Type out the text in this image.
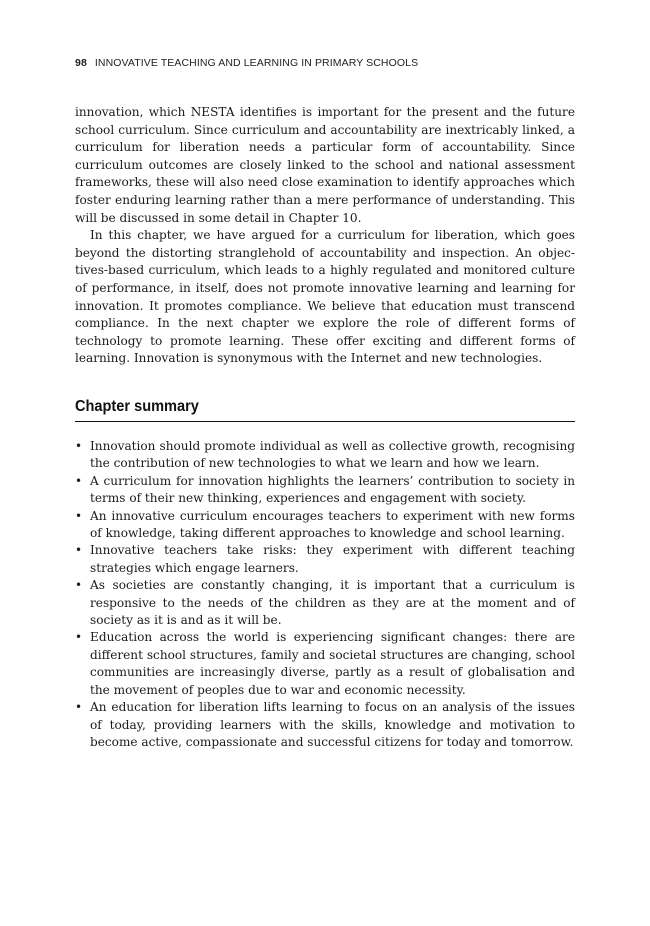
98 INNOVATIVE TEACHING AND LEARNING IN PRIMARY SCHOOLS

innovation, which NESTA identifies is important for the present and the future school curriculum. Since curriculum and accountability are inextricably linked, a curriculum for liberation needs a particular form of accountability. Since curriculum outcomes are closely linked to the school and national assessment frameworks, these will also need close examination to identify approaches which foster enduring learning rather than a mere performance of understanding. This will be discussed in some detail in Chapter 10.

In this chapter, we have argued for a curriculum for liberation, which goes beyond the distorting stranglehold of accountability and inspection. An objectives-based curriculum, which leads to a highly regulated and monitored culture of performance, in itself, does not promote innovative learning and learning for innovation. It promotes compliance. We believe that education must transcend compliance. In the next chapter we explore the role of different forms of technology to promote learning. These offer exciting and different forms of learning. Innovation is synonymous with the Internet and new technologies.

Chapter summary
• Innovation should promote individual as well as collective growth, recognising the contribution of new technologies to what we learn and how we learn.
• A curriculum for innovation highlights the learners’ contribution to society in terms of their new thinking, experiences and engagement with society.
• An innovative curriculum encourages teachers to experiment with new forms of knowledge, taking different approaches to knowledge and school learning.
• Innovative teachers take risks: they experiment with different teaching strategies which engage learners.
• As societies are constantly changing, it is important that a curriculum is responsive to the needs of the children as they are at the moment and of society as it is and as it will be.
• Education across the world is experiencing significant changes: there are different school structures, family and societal structures are changing, school communities are increasingly diverse, partly as a result of globalisation and the movement of peoples due to war and economic necessity.
• An education for liberation lifts learning to focus on an analysis of the issues of today, providing learners with the skills, knowledge and motivation to become active, compassionate and successful citizens for today and tomorrow.
